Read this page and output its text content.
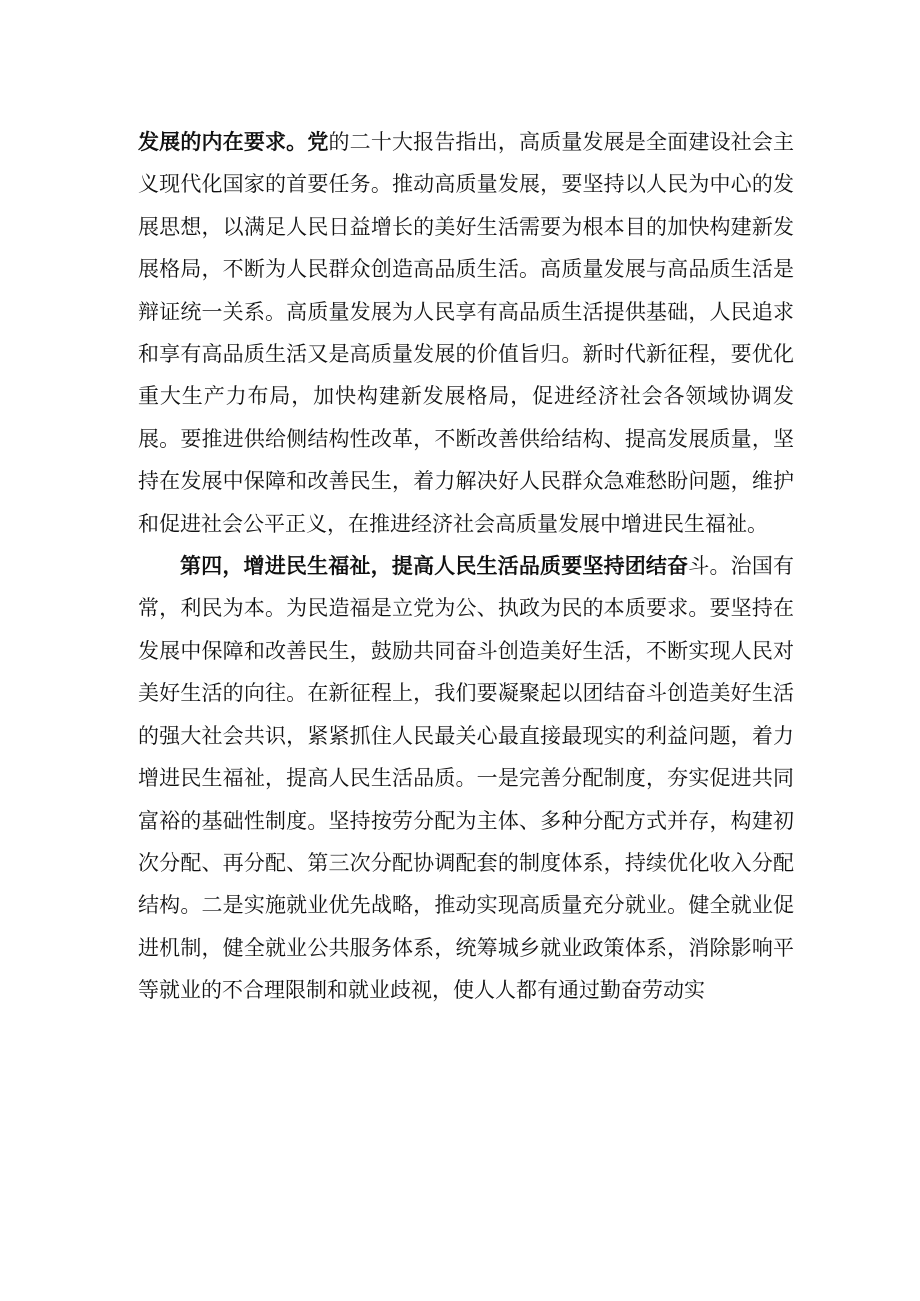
发展的内在要求。党的二十大报告指出，高质量发展是全面建设社会主义现代化国家的首要任务。推动高质量发展，要坚持以人民为中心的发展思想，以满足人民日益增长的美好生活需要为根本目的加快构建新发展格局，不断为人民群众创造高品质生活。高质量发展与高品质生活是辩证统一关系。高质量发展为人民享有高品质生活提供基础，人民追求和享有高品质生活又是高质量发展的价值旨归。新时代新征程，要优化重大生产力布局，加快构建新发展格局，促进经济社会各领域协调发展。要推进供给侧结构性改革，不断改善供给结构、提高发展质量，坚持在发展中保障和改善民生，着力解决好人民群众急难愁盼问题，维护和促进社会公平正义，在推进经济社会高质量发展中增进民生福祉。

第四，增进民生福祉，提高人民生活品质要坚持团结奋斗。治国有常，利民为本。为民造福是立党为公、执政为民的本质要求。要坚持在发展中保障和改善民生，鼓励共同奋斗创造美好生活，不断实现人民对美好生活的向往。在新征程上，我们要凝聚起以团结奋斗创造美好生活的强大社会共识，紧紧抓住人民最关心最直接最现实的利益问题，着力增进民生福祉，提高人民生活品质。一是完善分配制度，夯实促进共同富裕的基础性制度。坚持按劳分配为主体、多种分配方式并存，构建初次分配、再分配、第三次分配协调配套的制度体系，持续优化收入分配结构。二是实施就业优先战略，推动实现高质量充分就业。健全就业促进机制，健全就业公共服务体系，统筹城乡就业政策体系，消除影响平等就业的不合理限制和就业歧视，使人人都有通过勤奋劳动实
